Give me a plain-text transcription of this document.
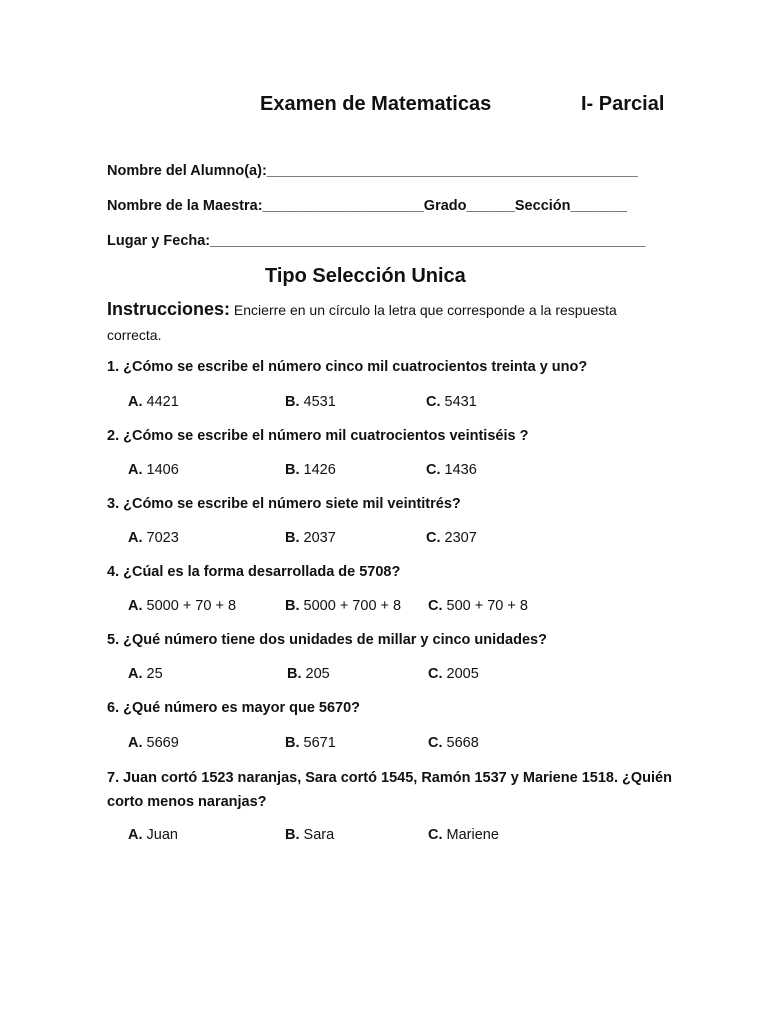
Examen de Matematicas	I- Parcial
Nombre del Alumno(a):______________________________________________
Nombre de la Maestra:____________________Grado______Sección_______
Lugar y Fecha:______________________________________________________
Tipo Selección Unica
Instrucciones: Encierre en un círculo la letra que corresponde a la respuesta correcta.
1. ¿Cómo se escribe el número cinco mil cuatrocientos treinta y uno?
A. 4421	B. 4531	C. 5431
2. ¿Cómo se escribe el número mil cuatrocientos veintiséis ?
A. 1406	B. 1426	C. 1436
3. ¿Cómo se escribe el número siete mil veintitrés?
A. 7023	B. 2037	C. 2307
4. ¿Cúal es la forma desarrollada de 5708?
A. 5000 + 70 + 8	B. 5000 + 700 + 8 C. 500 + 70 + 8
5. ¿Qué número tiene dos unidades de millar y cinco unidades?
A. 25	B. 205	C. 2005
6. ¿Qué número es mayor que 5670?
A. 5669	B. 5671	C. 5668
7. Juan cortó 1523 naranjas, Sara cortó 1545, Ramón 1537 y Mariene 1518. ¿Quién corto menos naranjas?
A. Juan	B. Sara	C. Mariene
